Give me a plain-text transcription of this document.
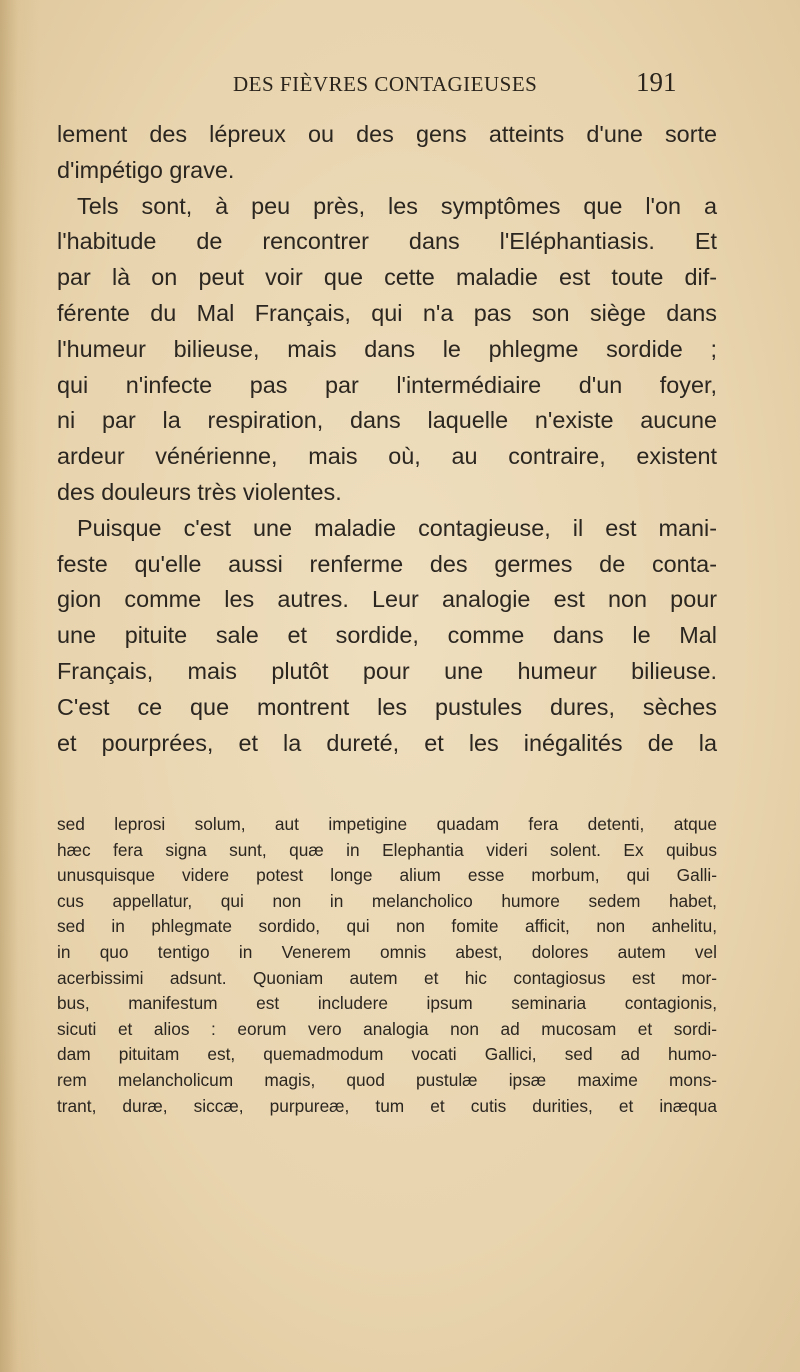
DES FIÈVRES CONTAGIEUSES	191
lement des lépreux ou des gens atteints d'une sorte
d'impétigo grave.
Tels sont, à peu près, les symptômes que l'on a
l'habitude de rencontrer dans l'Eléphantiasis. Et
par là on peut voir que cette maladie est toute dif-
férente du Mal Français, qui n'a pas son siège dans
l'humeur bilieuse, mais dans le phlegme sordide ;
qui n'infecte pas par l'intermédiaire d'un foyer,
ni par la respiration, dans laquelle n'existe aucune
ardeur vénérienne, mais où, au contraire, existent
des douleurs très violentes.
Puisque c'est une maladie contagieuse, il est mani-
feste qu'elle aussi renferme des germes de conta-
gion comme les autres. Leur analogie est non pour
une pituite sale et sordide, comme dans le Mal
Français, mais plutôt pour une humeur bilieuse.
C'est ce que montrent les pustules dures, sèches
et pourprées, et la dureté, et les inégalités de la
sed leprosi solum, aut impetigine quadam fera detenti, atque
hæc fera signa sunt, quæ in Elephantia videri solent. Ex quibus
unusquisque videre potest longe alium esse morbum, qui Galli-
cus appellatur, qui non in melancholico humore sedem habet,
sed in phlegmate sordido, qui non fomite afficit, non anhelitu,
in quo tentigo in Venerem omnis abest, dolores autem vel
acerbissimi adsunt. Quoniam autem et hic contagiosus est mor-
bus, manifestum est includere ipsum seminaria contagionis,
sicuti et alios : eorum vero analogia non ad mucosam et sordi-
dam pituitam est, quemadmodum vocati Gallici, sed ad humo-
rem melancholicum magis, quod pustulæ ipsæ maxime mons-
trant, duræ, siccæ, purpureæ, tum et cutis durities, et inæqua
